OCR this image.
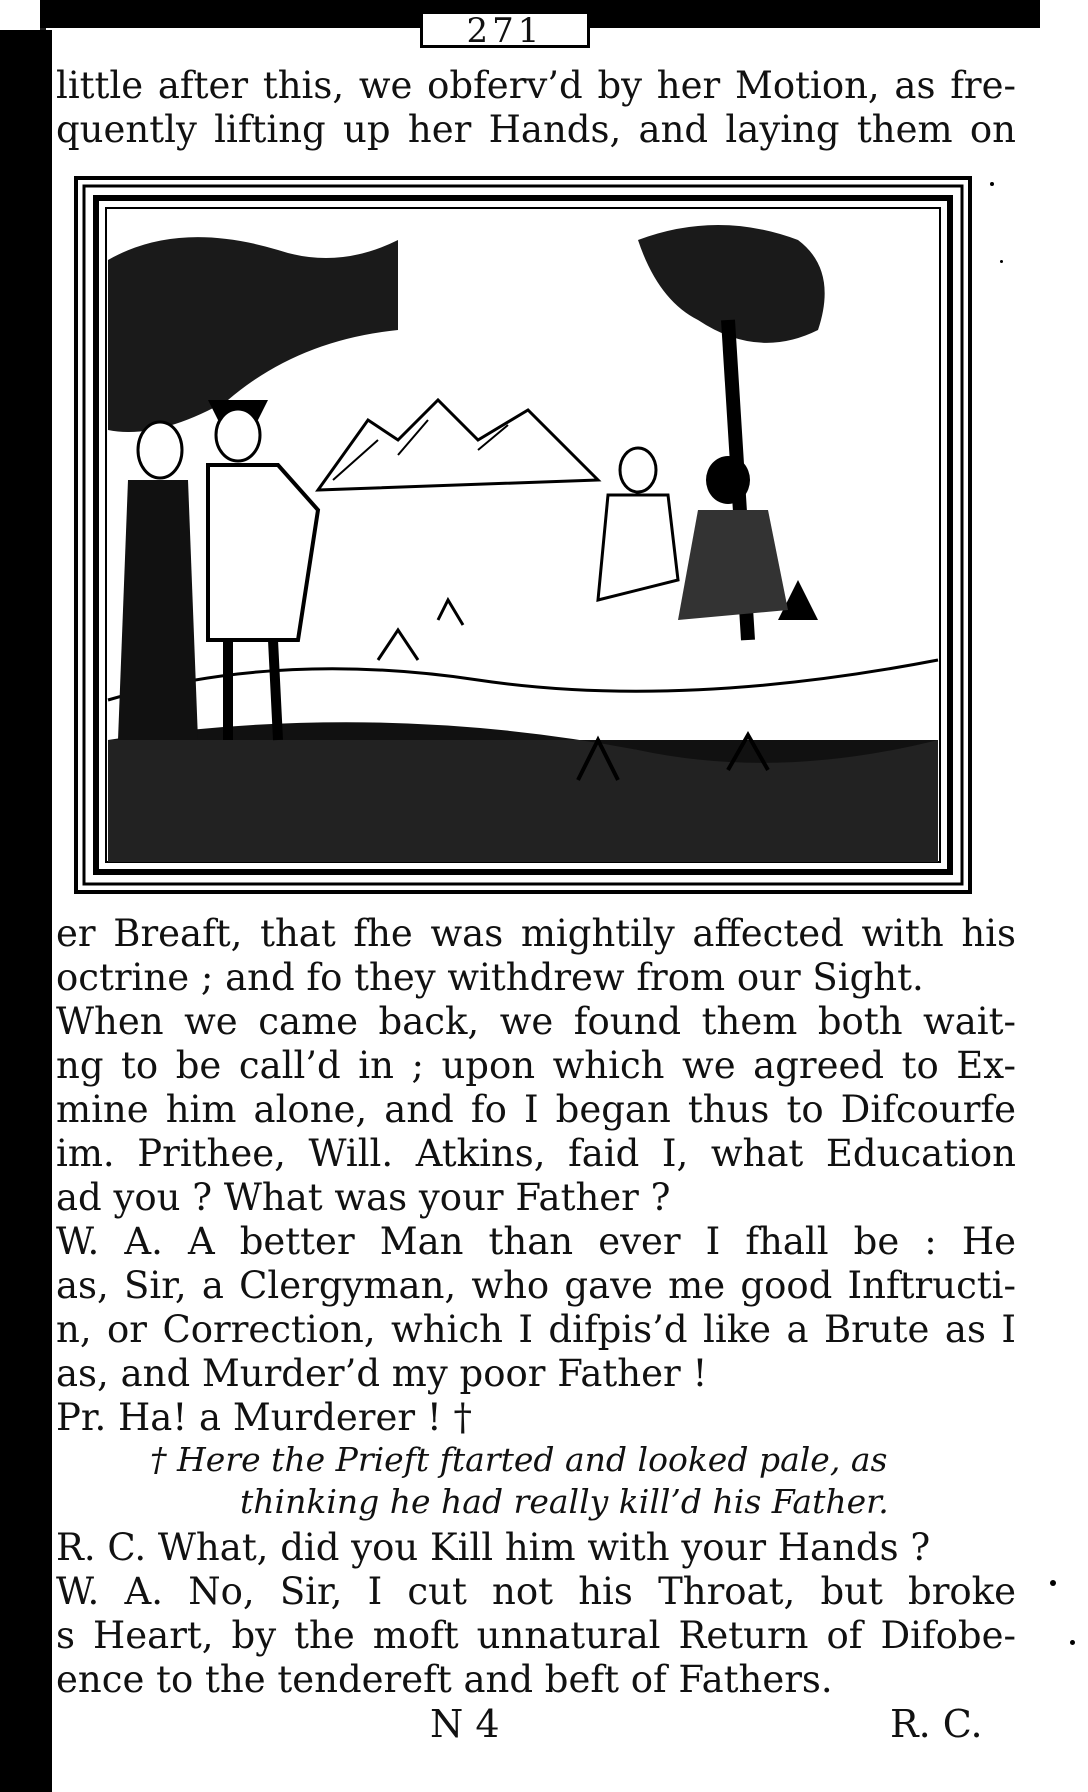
271
little after this, we obferv’d by her Motion, as fre-
quently lifting up her Hands, and laying them on
er Breaft, that fhe was mightily affected with his
octrine ; and fo they withdrew from our Sight.
When we came back, we found them both wait-
ng to be call’d in ; upon which we agreed to Ex-
mine him alone, and fo I began thus to Difcourfe
im. Prithee, Will. Atkins, faid I, what Education
ad you ? What was your Father ?
W. A. A better Man than ever I fhall be : He
as, Sir, a Clergyman, who gave me good Inftructi-
n, or Correction, which I difpis’d like a Brute as I
as, and Murder’d my poor Father !
Pr. Ha! a Murderer ! †
† Here the Prieft ftarted and looked pale, as
thinking he had really kill’d his Father.
R. C. What, did you Kill him with your Hands ?
W. A. No, Sir, I cut not his Throat, but broke
s Heart, by the moft unnatural Return of Difobe-
ence to the tendereft and beft of Fathers.
N 4	R. C.
